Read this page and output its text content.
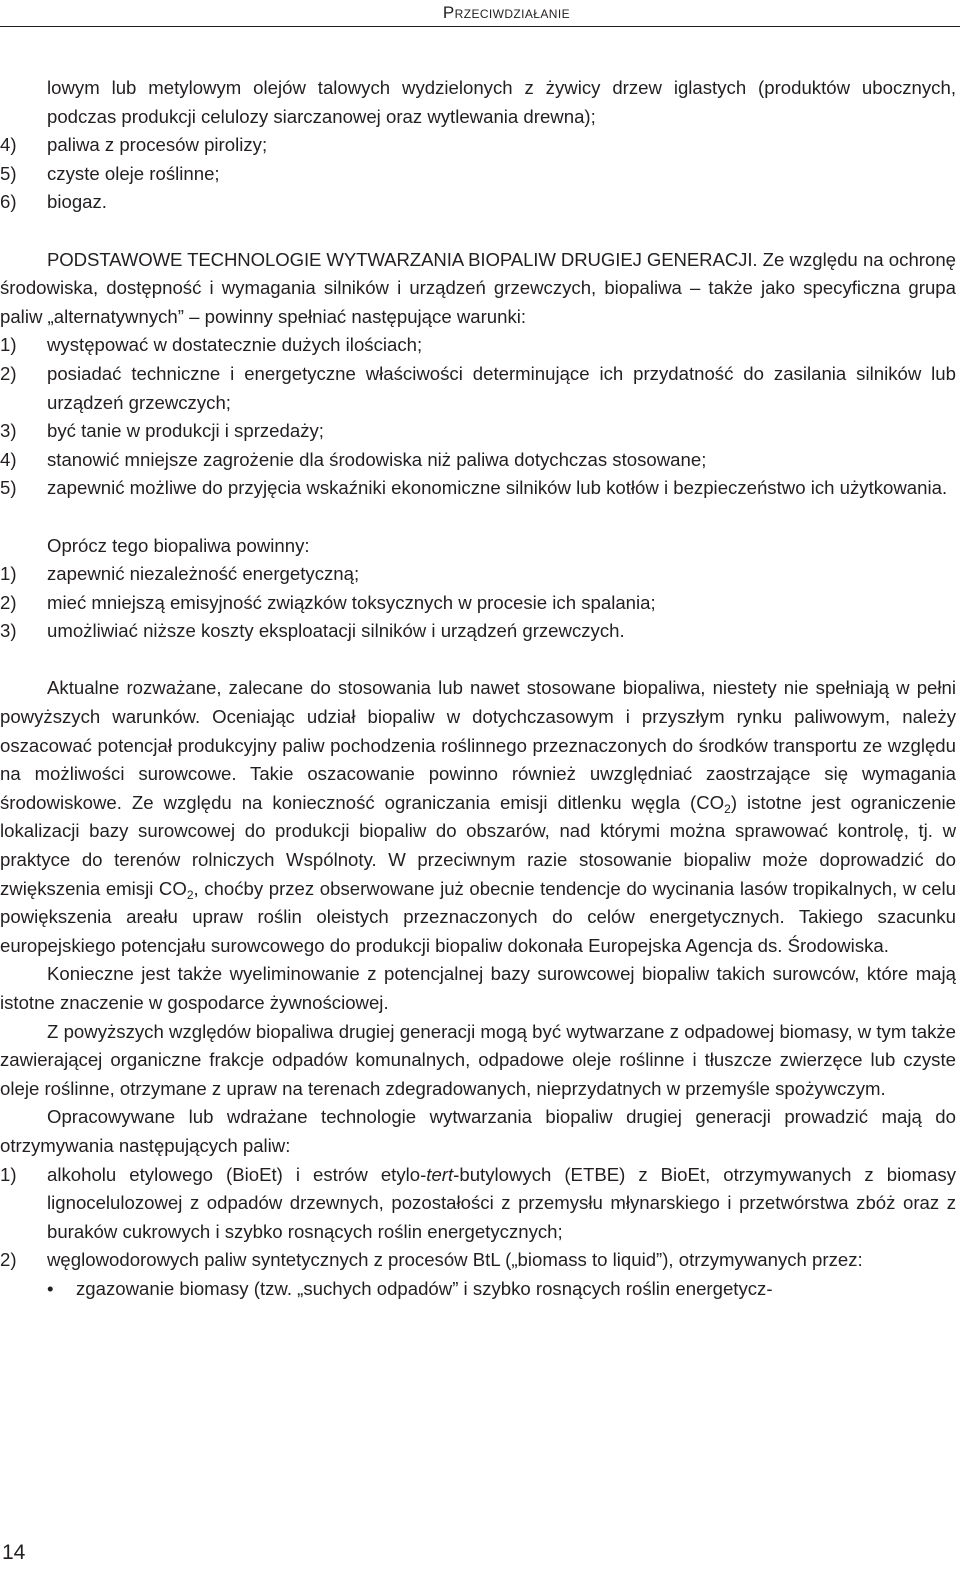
Przeciwdziałanie

lowym lub metylowym olejów talowych wydzielonych z żywicy drzew iglastych (produktów ubocznych, podczas produkcji celulozy siarczanowej oraz wytlewania drewna);

4) paliwa z procesów pirolizy;
5) czyste oleje roślinne;
6) biogaz.

PODSTAWOWE TECHNOLOGIE WYTWARZANIA BIOPALIW DRUGIEJ GENERACJI. Ze względu na ochronę środowiska, dostępność i wymagania silników i urządzeń grzewczych, biopaliwa – także jako specyficzna grupa paliw „alternatywnych” – powinny spełniać następujące warunki:

1) występować w dostatecznie dużych ilościach;
2) posiadać techniczne i energetyczne właściwości determinujące ich przydatność do zasilania silników lub urządzeń grzewczych;
3) być tanie w produkcji i sprzedaży;
4) stanowić mniejsze zagrożenie dla środowiska niż paliwa dotychczas stosowane;
5) zapewnić możliwe do przyjęcia wskaźniki ekonomiczne silników lub kotłów i bezpieczeństwo ich użytkowania.

Oprócz tego biopaliwa powinny:

1) zapewnić niezależność energetyczną;
2) mieć mniejszą emisyjność związków toksycznych w procesie ich spalania;
3) umożliwiać niższe koszty eksploatacji silników i urządzeń grzewczych.

Aktualne rozważane, zalecane do stosowania lub nawet stosowane biopaliwa, niestety nie spełniają w pełni powyższych warunków. Oceniając udział biopaliw w dotychczasowym i przyszłym rynku paliwowym, należy oszacować potencjał produkcyjny paliw pochodzenia roślinnego przeznaczonych do środków transportu ze względu na możliwości surowcowe. Takie oszacowanie powinno również uwzględniać zaostrzające się wymagania środowiskowe. Ze względu na konieczność ograniczania emisji ditlenku węgla $(CO_2)$ istotne jest ograniczenie lokalizacji bazy surowcowej do produkcji biopaliw do obszarów, nad którymi można sprawować kontrolę, tj. w praktyce do terenów rolniczych Wspólnoty. W przeciwnym razie stosowanie biopaliw może doprowadzić do zwiększenia emisji $CO_2$, choćby przez obserwowane już obecnie tendencje do wycinania lasów tropikalnych, w celu powiększenia areału upraw roślin oleistych przeznaczonych do celów energetycznych. Takiego szacunku europejskiego potencjału surowcowego do produkcji biopaliw dokonała Europejska Agencja ds. Środowiska.

Konieczne jest także wyeliminowanie z potencjalnej bazy surowcowej biopaliw takich surowców, które mają istotne znaczenie w gospodarce żywnościowej.

Z powyższych względów biopaliwa drugiej generacji mogą być wytwarzane z odpadowej biomasy, w tym także zawierającej organiczne frakcje odpadów komunalnych, odpadowe oleje roślinne i tłuszcze zwierzęce lub czyste oleje roślinne, otrzymane z upraw na terenach zdegradowanych, nieprzydatnych w przemyśle spożywczym.

Opracowywane lub wdrażane technologie wytwarzania biopaliw drugiej generacji prowadzić mają do otrzymywania następujących paliw:

1) alkoholu etylowego (BioEt) i estrów etylo-tert-butylowych (ETBE) z BioEt, otrzymywanych z biomasy lignocelulozowej z odpadów drzewnych, pozostałości z przemysłu młynarskiego i przetwórstwa zbóż oraz z buraków cukrowych i szybko rosnących roślin energetycznych;
2) węglowodorowych paliw syntetycznych z procesów BtL („biomass to liquid”), otrzymywanych przez:
• zgazowanie biomasy (tzw. „suchych odpadów” i szybko rosnących roślin energetycz-
14
